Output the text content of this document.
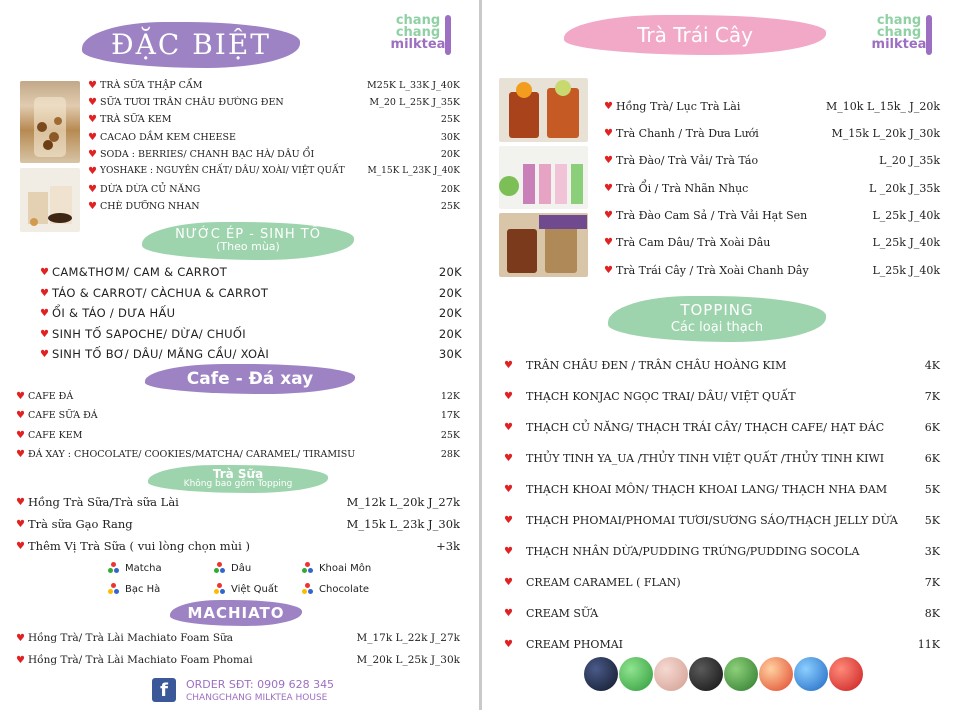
ĐẶC BIỆT
chang
chang
milktea
♥ TRÀ SỮA THẬP CẨM	M25K L_33K J_40K
♥ SỮA TƯƠI TRÂN CHÂU ĐƯỜNG ĐEN	M_20 L_25K J_35K
♥ TRÀ SỮA KEM	25K
♥ CACAO DẦM KEM CHEESE	30K
♥ SODA : BERRIES/ CHANH BẠC HÀ/ DÂU ỔI	20K
♥ YOSHAKE : NGUYÊN CHẤT/ DÂU/ XOÀI/ VIỆT QUẤT	M_15K L_23K J_40K
♥ DỪA DỪA CỦ NĂNG	20K
♥ CHÈ DƯỠNG NHAN	25K
NƯỚC ÉP - SINH TỐ
(Theo mùa)
♥ CAM&THƠM/ CAM & CARROT	20K
♥ TÁO & CARROT/ CÀCHUA & CARROT	20K
♥ ỔI & TÁO / DƯA HẤU	20K
♥ SINH TỐ SAPOCHE/ DỪA/ CHUỐI	20K
♥ SINH TỐ BƠ/ DÂU/ MÃNG CẦU/ XOÀI	30K
Cafe - Đá xay
♥ CAFE ĐÁ	12K
♥ CAFE SỮA ĐÁ	17K
♥ CAFE KEM	25K
♥ ĐÁ XAY : CHOCOLATE/ COOKIES/MATCHA/ CARAMEL/ TIRAMISU	28K
Trà Sữa
Không bao gồm Topping
♥ Hồng Trà Sữa/Trà sữa Lài	M_12k L_20k J_27k
♥ Trà sữa Gạo Rang	M_15k L_23k J_30k
♥ Thêm Vị Trà Sữa ( vui lòng chọn mùi )	+3k
Matcha	Dâu	Khoai Môn
Bạc Hà	Việt Quất	Chocolate
MACHIATO
♥ Hồng Trà/ Trà Lài Machiato Foam Sữa	M_17k L_22k J_27k
♥ Hồng Trà/ Trà Lài Machiato Foam Phomai	M_20k L_25k J_30k
f	ORDER SĐT: 0909 628 345
CHANGCHANG MILKTEA HOUSE
Trà Trái Cây
chang
chang
milktea
♥ Hồng Trà/ Lục Trà Lài	M_10k L_15k_ J_20k
♥ Trà Chanh / Trà Dưa Lưới	M_15k L_20k J_30k
♥ Trà Đào/ Trà Vải/ Trà Táo	L_20 J_35k
♥ Trà Ổi / Trà Nhãn Nhục	L _20k J_35k
♥ Trà Đào Cam Sả / Trà Vải Hạt Sen	L_25k J_40k
♥ Trà Cam Dâu/ Trà Xoài Dâu	L_25k J_40k
♥ Trà Trái Cây / Trà Xoài Chanh Dây	L_25k J_40k
TOPPING
Các loại thạch
♥	TRÂN CHÂU ĐEN / TRÂN CHÂU HOÀNG KIM	4K
♥	THẠCH KONJAC NGỌC TRAI/ DÂU/ VIỆT QUẤT	7K
♥	THẠCH CỦ NĂNG/ THẠCH TRÁI CÂY/ THẠCH CAFE/ HẠT ĐÁC	6K
♥	THỦY TINH YA_UA /THỦY TINH VIỆT QUẤT /THỦY TINH KIWI	6K
♥	THẠCH KHOAI MÔN/ THẠCH KHOAI LANG/ THẠCH NHA ĐAM	5K
♥	THẠCH PHOMAI/PHOMAI TƯƠI/SƯƠNG SÁO/THẠCH JELLY DỪA	5K
♥	THẠCH NHÂN DỪA/PUDDING TRỨNG/PUDDING SOCOLA	3K
♥	CREAM CARAMEL ( FLAN)	7K
♥	CREAM SỮA	8K
♥	CREAM PHOMAI	11K
